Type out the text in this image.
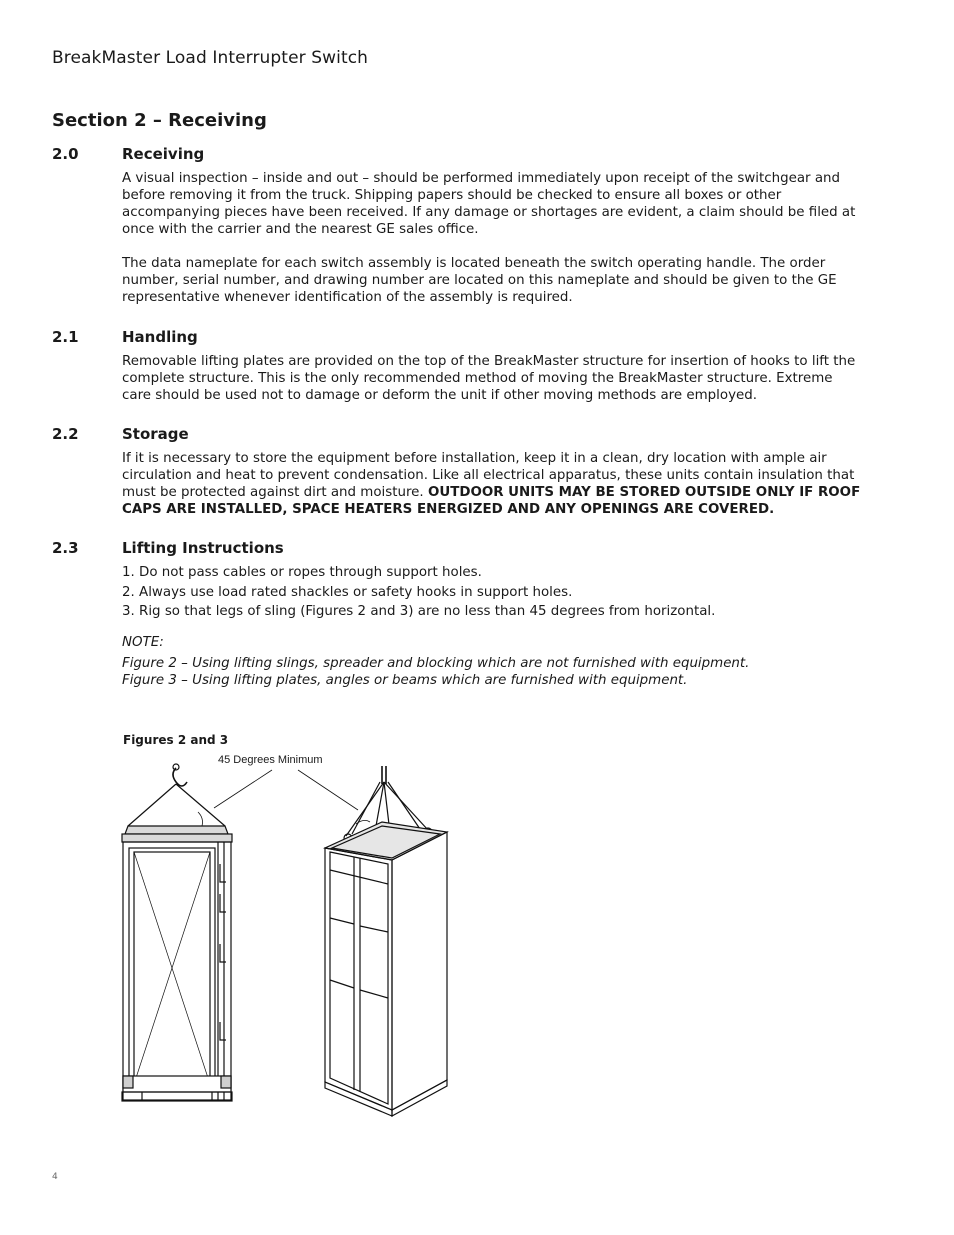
BreakMaster Load Interrupter Switch
Section 2 – Receiving
2.0	Receiving

A visual inspection – inside and out – should be performed immediately upon receipt of the switchgear and before removing it from the truck. Shipping papers should be checked to ensure all boxes or other accompanying pieces have been received. If any damage or shortages are evident, a claim should be filed at once with the carrier and the nearest GE sales office.

The data nameplate for each switch assembly is located beneath the switch operating handle. The order number, serial number, and drawing number are located on this nameplate and should be given to the GE representative whenever identification of the assembly is required.

2.1	Handling

Removable lifting plates are provided on the top of the BreakMaster structure for insertion of hooks to lift the complete structure. This is the only recommended method of moving the BreakMaster structure. Extreme care should be used not to damage or deform the unit if other moving methods are employed.

2.2	Storage

If it is necessary to store the equipment before installation, keep it in a clean, dry location with ample air circulation and heat to prevent condensation. Like all electrical apparatus, these units contain insulation that must be protected against dirt and moisture. OUTDOOR UNITS MAY BE STORED OUTSIDE ONLY IF ROOF CAPS ARE INSTALLED, SPACE HEATERS ENERGIZED AND ANY OPENINGS ARE COVERED.

2.3	Lifting Instructions
1. Do not pass cables or ropes through support holes.
2. Always use load rated shackles or safety hooks in support holes.
3. Rig so that legs of sling (Figures 2 and 3) are no less than 45 degrees from horizontal.
NOTE:
Figure 2 – Using lifting slings, spreader and blocking which are not furnished with equipment.
Figure 3 – Using lifting plates, angles or beams which are furnished with equipment.
Figures 2 and 3
45 Degrees Minimum
4
